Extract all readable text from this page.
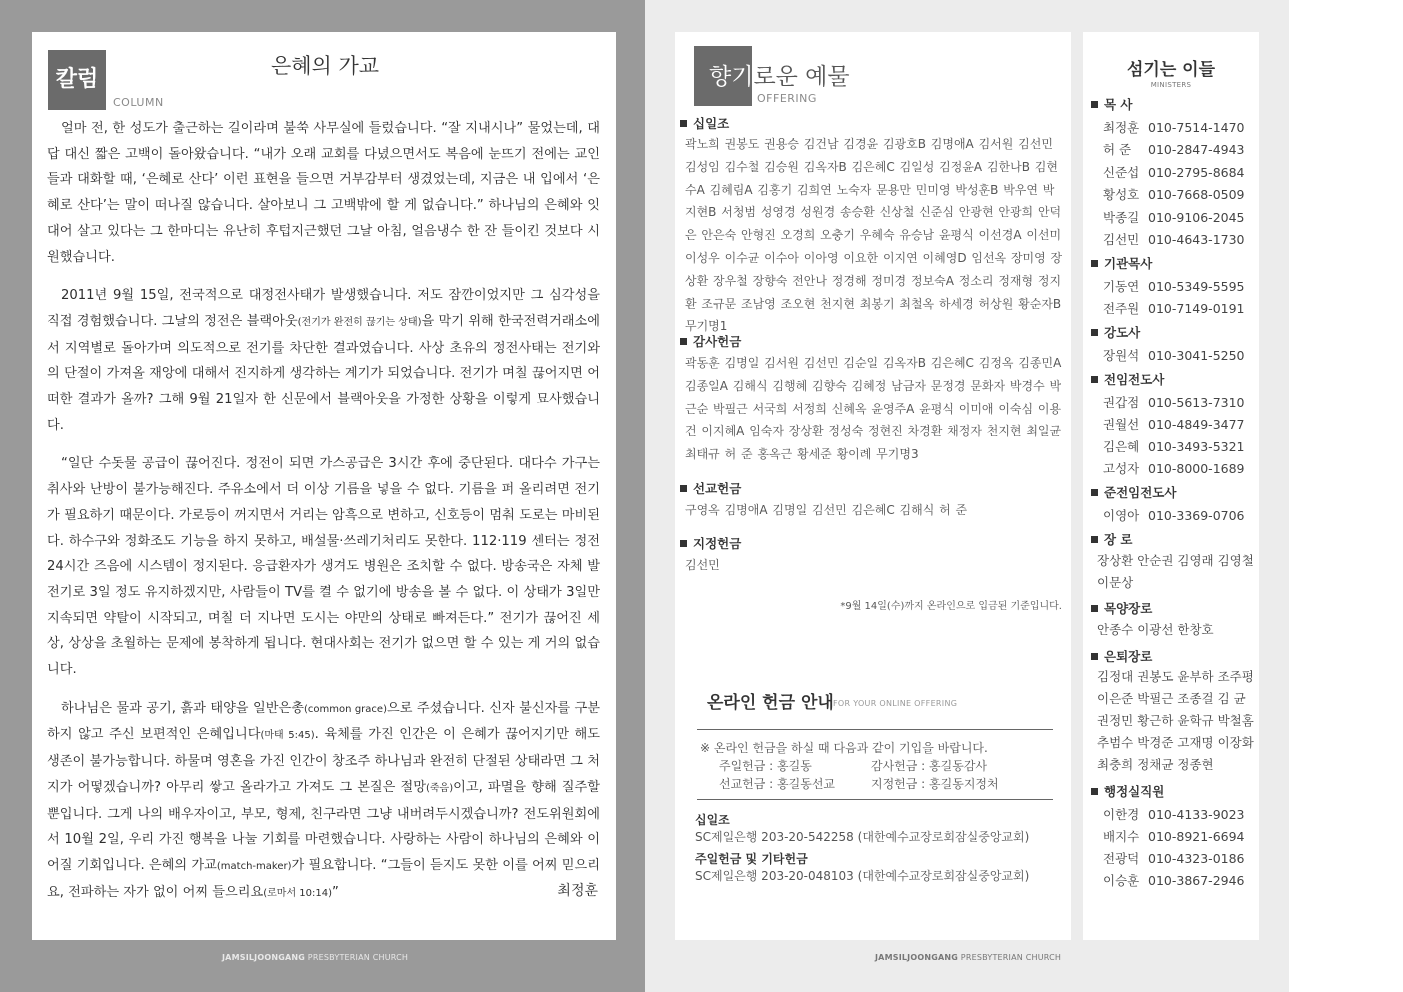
칼럼
COLUMN
은혜의 가교

얼마 전, 한 성도가 출근하는 길이라며 불쑥 사무실에 들렀습니다. “잘 지내시나” 물었는데, 대답 대신 짧은 고백이 돌아왔습니다. “내가 오래 교회를 다녔으면서도 복음에 눈뜨기 전에는 교인들과 대화할 때, ‘은혜로 산다’ 이런 표현을 들으면 거부감부터 생겼었는데, 지금은 내 입에서 ‘은혜로 산다’는 말이 떠나질 않습니다. 살아보니 그 고백밖에 할 게 없습니다.” 하나님의 은혜와 잇대어 살고 있다는 그 한마디는 유난히 후텁지근했던 그날 아침, 얼음냉수 한 잔 들이킨 것보다 시원했습니다.

2011년 9월 15일, 전국적으로 대정전사태가 발생했습니다. 저도 잠깐이었지만 그 심각성을 직접 경험했습니다. 그날의 정전은 블랙아웃(전기가 완전히 끊기는 상태)을 막기 위해 한국전력거래소에서 지역별로 돌아가며 의도적으로 전기를 차단한 결과였습니다. 사상 초유의 정전사태는 전기와의 단절이 가져올 재앙에 대해서 진지하게 생각하는 계기가 되었습니다. 전기가 며칠 끊어지면 어떠한 결과가 올까? 그해 9월 21일자 한 신문에서 블랙아웃을 가정한 상황을 이렇게 묘사했습니다.

“일단 수돗물 공급이 끊어진다. 정전이 되면 가스공급은 3시간 후에 중단된다. 대다수 가구는 취사와 난방이 불가능해진다. 주유소에서 더 이상 기름을 넣을 수 없다. 기름을 퍼 올리려면 전기가 필요하기 때문이다. 가로등이 꺼지면서 거리는 암흑으로 변하고, 신호등이 멈춰 도로는 마비된다. 하수구와 정화조도 기능을 하지 못하고, 배설물·쓰레기처리도 못한다. 112·119 센터는 정전 24시간 즈음에 시스템이 정지된다. 응급환자가 생겨도 병원은 조치할 수 없다. 방송국은 자체 발전기로 3일 정도 유지하겠지만, 사람들이 TV를 켤 수 없기에 방송을 볼 수 없다. 이 상태가 3일만 지속되면 약탈이 시작되고, 며칠 더 지나면 도시는 야만의 상태로 빠져든다.” 전기가 끊어진 세상, 상상을 초월하는 문제에 봉착하게 됩니다. 현대사회는 전기가 없으면 할 수 있는 게 거의 없습니다.

하나님은 물과 공기, 흙과 태양을 일반은총(common grace)으로 주셨습니다. 신자 불신자를 구분하지 않고 주신 보편적인 은혜입니다(마태 5:45). 육체를 가진 인간은 이 은혜가 끊어지기만 해도 생존이 불가능합니다. 하물며 영혼을 가진 인간이 창조주 하나님과 완전히 단절된 상태라면 그 처지가 어떻겠습니까? 아무리 쌓고 올라가고 가져도 그 본질은 절망(죽음)이고, 파멸을 향해 질주할 뿐입니다. 그게 나의 배우자이고, 부모, 형제, 친구라면 그냥 내버려두시겠습니까? 전도위원회에서 10월 2일, 우리 가진 행복을 나눌 기회를 마련했습니다. 사랑하는 사람이 하나님의 은혜와 이어질 기회입니다. 은혜의 가교(match-maker)가 필요합니다. “그들이 듣지도 못한 이를 어찌 믿으리요, 전파하는 자가 없이 어찌 들으리요(로마서 10:14)”	최정훈
JAMSILJOONGANG PRESBYTERIAN CHURCH
향기로운 예물
OFFERING
십일조
곽노희 권봉도 권용승 김건남 김경윤 김광호B 김명애A 김서원 김선민 김성임 김수철 김승원 김옥자B 김은혜C 김일성 김정윤A 김한나B 김현수A 김혜림A 김홍기 김희연 노숙자 문용만 민미영 박성훈B 박우연 박지현B 서청범 성영경 성원경 송승환 신상철 신준심 안광현 안광희 안덕은 안은숙 안형진 오경희 오충기 우혜숙 유승남 윤평식 이선경A 이선미 이성우 이수균 이수아 이아영 이요한 이지연 이혜영D 임선옥 장미영 장상환 장우철 장향숙 전안나 정경해 정미경 정보숙A 정소리 정재형 정지환 조규문 조남영 조오현 천지현 최봉기 최철옥 하세경 허상원 황순자B 무기명1
감사헌금
곽동훈 김명일 김서원 김선민 김순일 김옥자B 김은혜C 김정옥 김종민A 김종일A 김해식 김행혜 김향숙 김혜정 남금자 문정경 문화자 박경수 박근순 박필근 서국희 서정희 신혜옥 윤영주A 윤평식 이미애 이숙심 이용건 이지혜A 임숙자 장상환 정성숙 정현진 차경환 채정자 천지현 최일균 최태규 허 준 홍옥근 황세준 황이례 무기명3
선교헌금
구영옥 김명애A 김명일 김선민 김은혜C 김해식 허 준
지정헌금
김선민
*9월 14일(수)까지 온라인으로 입금된 기준입니다.
온라인 헌금 안내 FOR YOUR ONLINE OFFERING
※ 온라인 헌금을 하실 때 다음과 같이 기입을 바랍니다.
주일헌금 : 홍길동	감사헌금 : 홍길동감사
선교헌금 : 홍길동선교	지정헌금 : 홍길동지정처
십일조
SC제일은행 203-20-542258 (대한예수교장로회잠실중앙교회)
주일헌금 및 기타헌금
SC제일은행 203-20-048103 (대한예수교장로회잠실중앙교회)
섬기는 이들
MINISTERS
목 사
최정훈 010-7514-1470
허 준 010-2847-4943
신준섭 010-2795-8684
황성호 010-7668-0509
박종길 010-9106-2045
김선민 010-4643-1730
기관목사
기동연 010-5349-5595
전주원 010-7149-0191
강도사
장원석 010-3041-5250
전임전도사
권갑점 010-5613-7310
권월선 010-4849-3477
김은혜 010-3493-5321
고성자 010-8000-1689
준전임전도사
이영아 010-3369-0706
장 로
장상환 안순권 김영래 김영철 이문상
목양장로
안종수 이광선 한창호
은퇴장로
김정대 권봉도 윤부하 조주평 이은준 박필근 조종걸 김 균 권정민 황근하 윤학규 박철홈 추범수 박경준 고재명 이장화 최충희 정채균 정종현
행정실직원
이한경 010-4133-9023
배지수 010-8921-6694
전광덕 010-4323-0186
이승훈 010-3867-2946
JAMSILJOONGANG PRESBYTERIAN CHURCH
